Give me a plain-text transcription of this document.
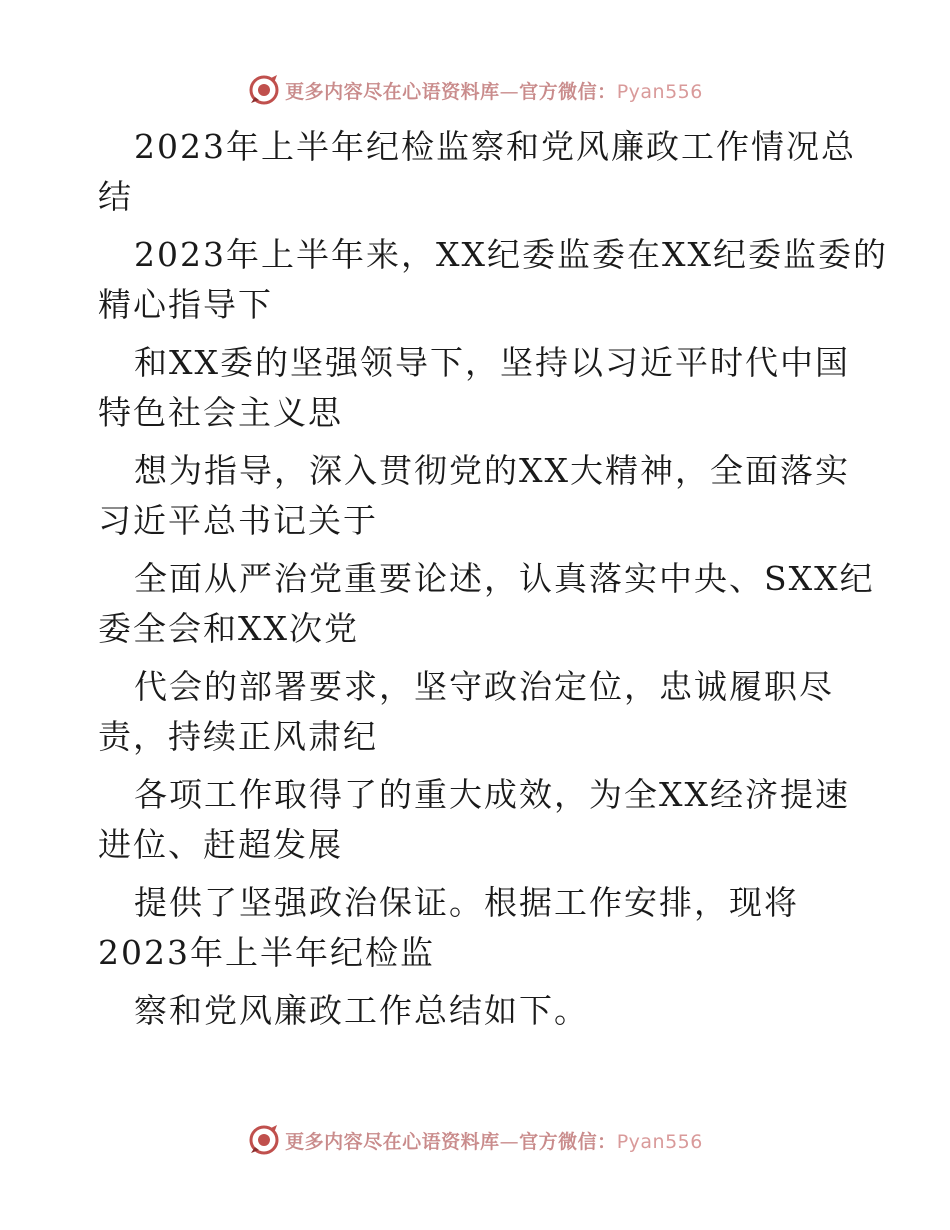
更多内容尽在心语资料库—官方微信：Pyan556

2023年上半年纪检监察和党风廉政工作情况总

结

2023年上半年来，XX纪委监委在XX纪委监委的

精心指导下

和XX委的坚强领导下，坚持以习近平时代中国

特色社会主义思

想为指导，深入贯彻党的XX大精神，全面落实

习近平总书记关于

全面从严治党重要论述，认真落实中央、SXX纪

委全会和XX次党

代会的部署要求，坚守政治定位，忠诚履职尽

责，持续正风肃纪

各项工作取得了的重大成效，为全XX经济提速

进位、赶超发展

提供了坚强政治保证。根据工作安排，现将

2023年上半年纪检监

察和党风廉政工作总结如下。

更多内容尽在心语资料库—官方微信：Pyan556
